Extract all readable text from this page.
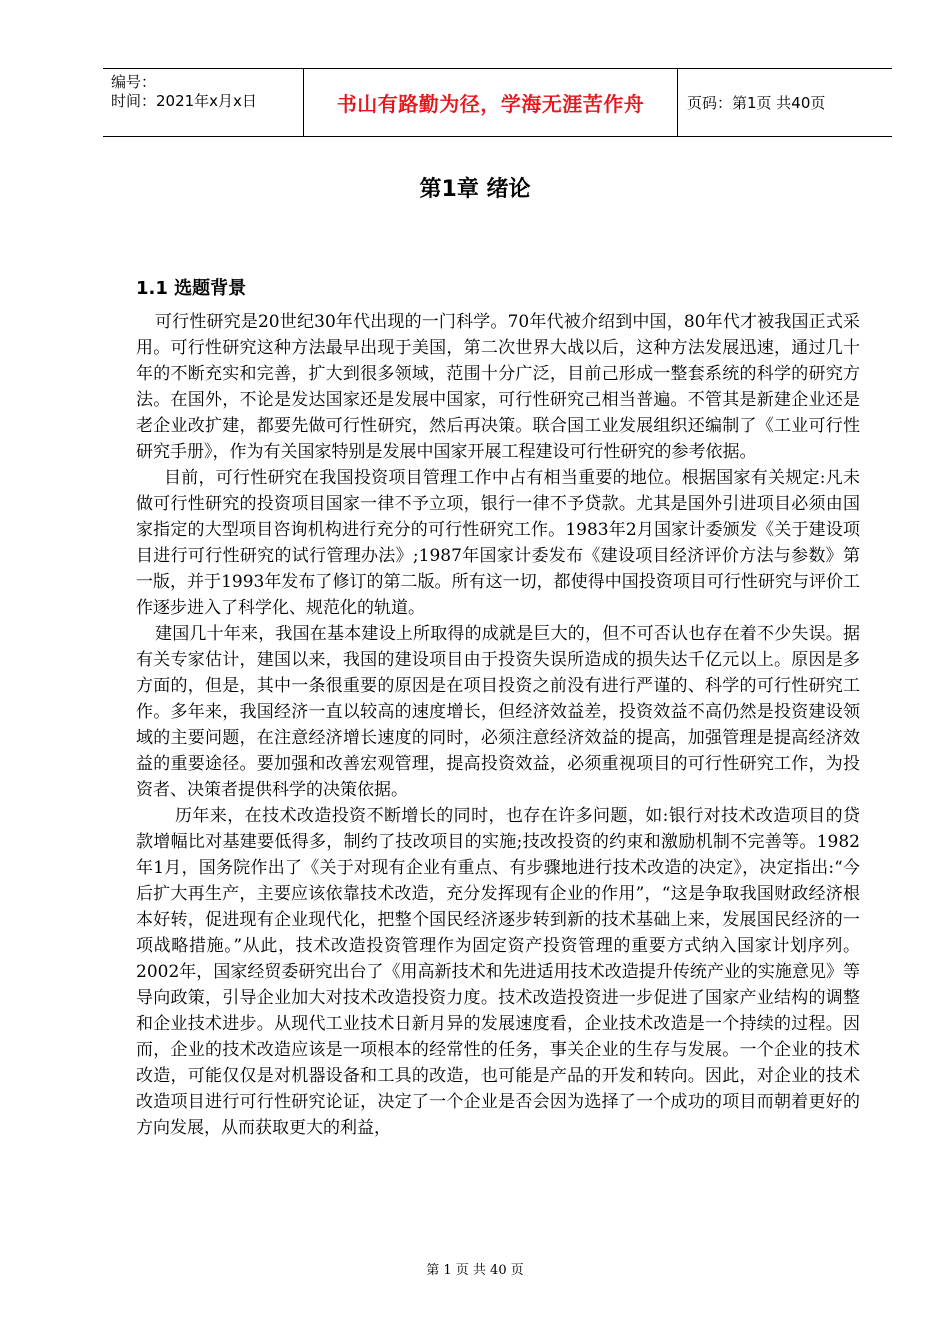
编号：
时间：2021年x月x日	书山有路勤为径，学海无涯苦作舟	页码：第1页 共40页
第1章 绪论
1.1 选题背景

可行性研究是20世纪30年代出现的一门科学。70年代被介绍到中国，80年代才被我国正式采用。可行性研究这种方法最早出现于美国，第二次世界大战以后，这种方法发展迅速，通过几十年的不断充实和完善，扩大到很多领域，范围十分广泛，目前己形成一整套系统的科学的研究方法。在国外，不论是发达国家还是发展中国家，可行性研究己相当普遍。不管其是新建企业还是老企业改扩建，都要先做可行性研究，然后再决策。联合国工业发展组织还编制了《工业可行性研究手册》，作为有关国家特别是发展中国家开展工程建设可行性研究的参考依据。

目前，可行性研究在我国投资项目管理工作中占有相当重要的地位。根据国家有关规定:凡未做可行性研究的投资项目国家一律不予立项，银行一律不予贷款。尤其是国外引进项目必须由国家指定的大型项目咨询机构进行充分的可行性研究工作。1983年2月国家计委颁发《关于建设项目进行可行性研究的试行管理办法》;1987年国家计委发布《建设项目经济评价方法与参数》第一版，并于1993年发布了修订的第二版。所有这一切，都使得中国投资项目可行性研究与评价工作逐步进入了科学化、规范化的轨道。

建国几十年来，我国在基本建设上所取得的成就是巨大的，但不可否认也存在着不少失误。据有关专家估计，建国以来，我国的建设项目由于投资失误所造成的损失达千亿元以上。原因是多方面的，但是，其中一条很重要的原因是在项目投资之前没有进行严谨的、科学的可行性研究工作。多年来，我国经济一直以较高的速度增长，但经济效益差，投资效益不高仍然是投资建设领域的主要问题，在注意经济增长速度的同时，必须注意经济效益的提高，加强管理是提高经济效益的重要途径。要加强和改善宏观管理，提高投资效益，必须重视项目的可行性研究工作，为投资者、决策者提供科学的决策依据。

历年来，在技术改造投资不断增长的同时，也存在许多问题，如:银行对技术改造项目的贷款增幅比对基建要低得多，制约了技改项目的实施;技改投资的约束和激励机制不完善等。1982年1月，国务院作出了《关于对现有企业有重点、有步骤地进行技术改造的决定》，决定指出:“今后扩大再生产，主要应该依靠技术改造，充分发挥现有企业的作用”，“这是争取我国财政经济根本好转，促进现有企业现代化，把整个国民经济逐步转到新的技术基础上来，发展国民经济的一项战略措施。”从此，技术改造投资管理作为固定资产投资管理的重要方式纳入国家计划序列。2002年，国家经贸委研究出台了《用高新技术和先进适用技术改造提升传统产业的实施意见》等导向政策，引导企业加大对技术改造投资力度。技术改造投资进一步促进了国家产业结构的调整和企业技术进步。从现代工业技术日新月异的发展速度看，企业技术改造是一个持续的过程。因而，企业的技术改造应该是一项根本的经常性的任务，事关企业的生存与发展。一个企业的技术改造，可能仅仅是对机器设备和工具的改造，也可能是产品的开发和转向。因此，对企业的技术改造项目进行可行性研究论证，决定了一个企业是否会因为选择了一个成功的项目而朝着更好的方向发展，从而获取更大的利益，

第 1 页 共 40 页
